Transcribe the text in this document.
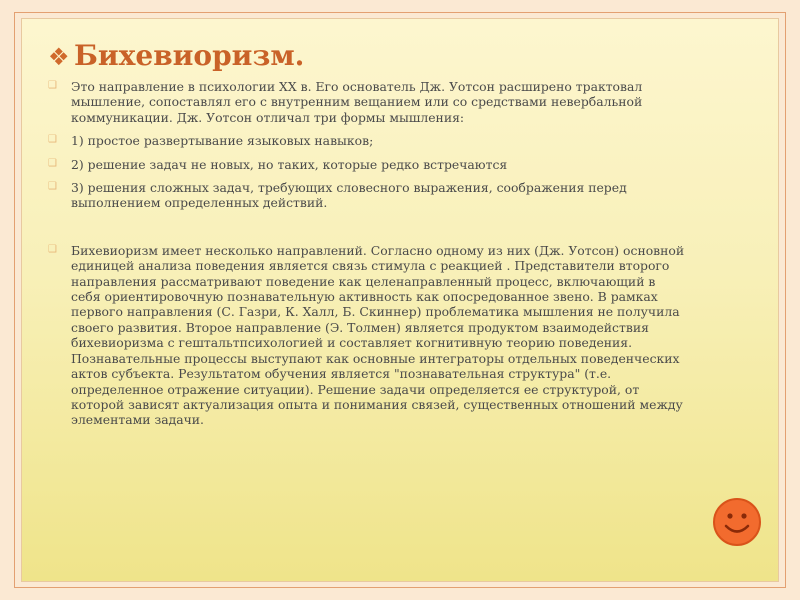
❖ Бихевиоризм.
❑ Это направление в психологии XX в. Его основатель Дж. Уотсон расширено трактовал мышление, сопоставлял его с внутренним вещанием или со средствами невербальной коммуникации. Дж. Уотсон отличал три формы мышления:
❑ 1) простое развертывание языковых навыков;
❑ 2) решение задач не новых, но таких, которые редко встречаются
❑ 3) решения сложных задач, требующих словесного выражения, соображения перед выполнением определенных действий.
❑ Бихевиоризм имеет несколько направлений. Согласно одному из них (Дж. Уотсон) основной единицей анализа поведения является связь стимула с реакцией . Представители второго направления рассматривают поведение как целенаправленный процесс, включающий в себя ориентировочную познавательную активность как опосредованное звено. В рамках первого направления (С. Газри, К. Халл, Б. Скиннер) проблематика мышления не получила своего развития. Второе направление (Э. Толмен) является продуктом взаимодействия бихевиоризма с гештальтпсихологией и составляет когнитивную теорию поведения. Познавательные процессы выступают как основные интеграторы отдельных поведенческих актов субъекта. Результатом обучения является "познавательная структура" (т.е. определенное отражение ситуации). Решение задачи определяется ее структурой, от которой зависят актуализация опыта и понимания связей, существенных отношений между элементами задачи.
